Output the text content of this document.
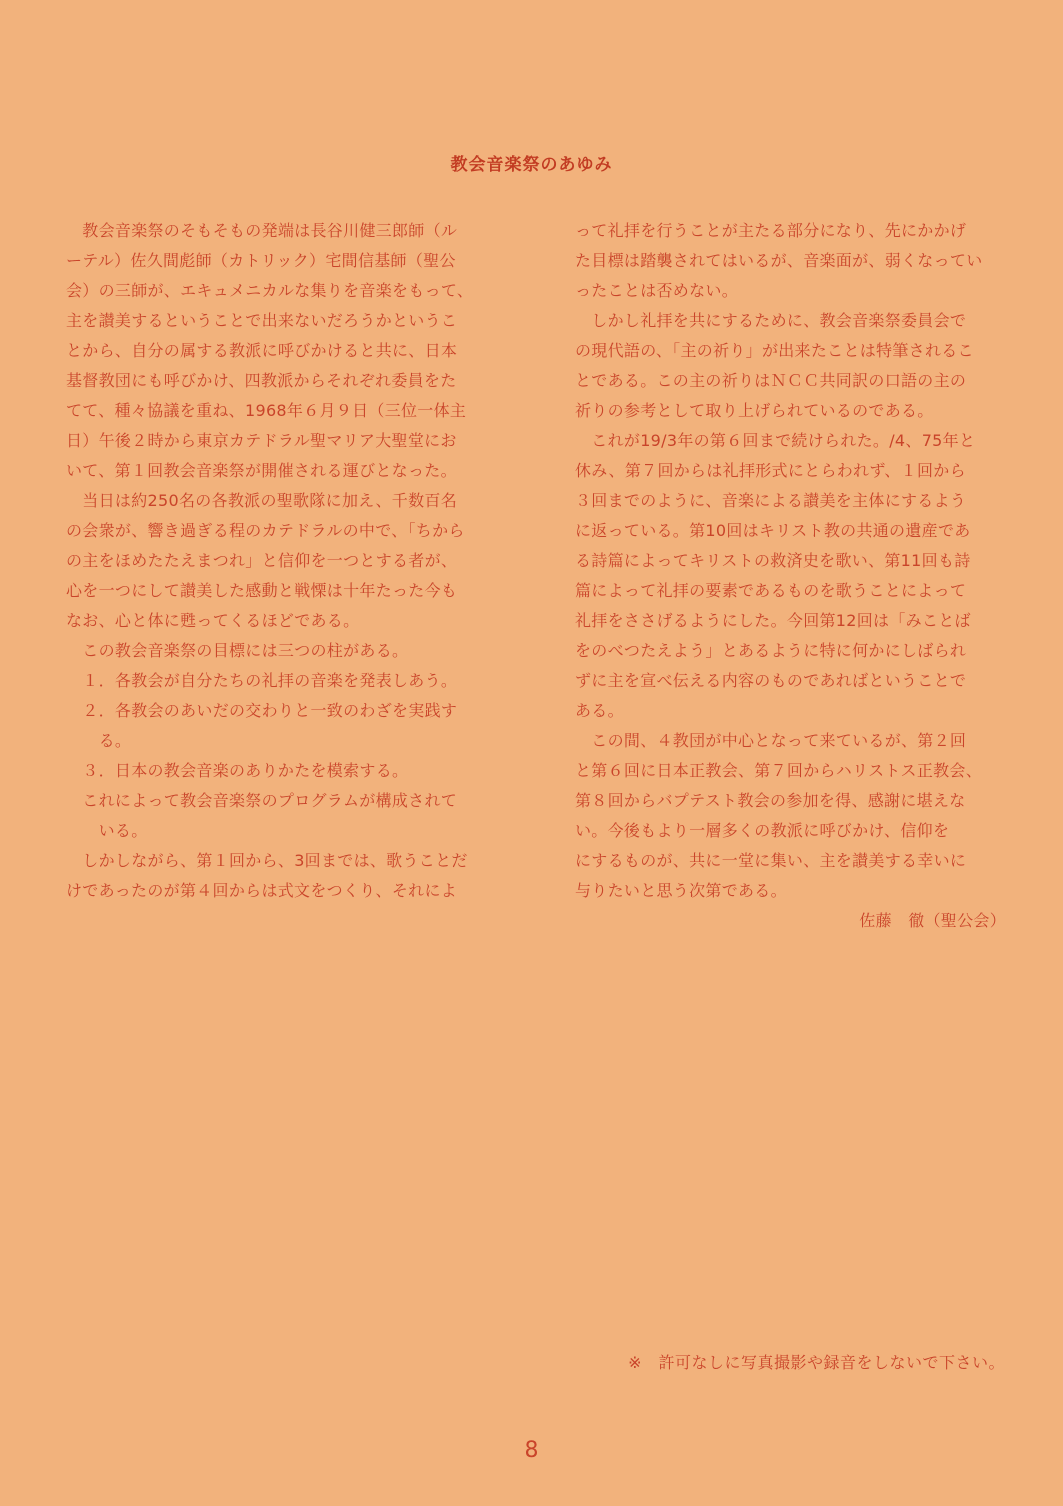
教会音楽祭のあゆみ
　教会音楽祭のそもそもの発端は長谷川健三郎師（ル
ーテル）佐久間彪師（カトリック）宅間信基師（聖公
会）の三師が、エキュメニカルな集りを音楽をもって、
主を讃美するということで出来ないだろうかというこ
とから、自分の属する教派に呼びかけると共に、日本
基督教団にも呼びかけ、四教派からそれぞれ委員をた
てて、種々協議を重ね、1968年６月９日（三位一体主
日）午後２時から東京カテドラル聖マリア大聖堂にお
いて、第１回教会音楽祭が開催される運びとなった。
　当日は約250名の各教派の聖歌隊に加え、千数百名
の会衆が、響き過ぎる程のカテドラルの中で、「ちから
の主をほめたたえまつれ」と信仰を一つとする者が、
心を一つにして讃美した感動と戦慄は十年たった今も
なお、心と体に甦ってくるほどである。
　この教会音楽祭の目標には三つの柱がある。
　１．各教会が自分たちの礼拝の音楽を発表しあう。
　２．各教会のあいだの交わりと一致のわざを実践す
　　る。
　３．日本の教会音楽のありかたを模索する。
　これによって教会音楽祭のプログラムが構成されて
　　いる。
　しかしながら、第１回から、3回までは、歌うことだ
けであったのが第４回からは式文をつくり、それによ
って礼拝を行うことが主たる部分になり、先にかかげ
た目標は踏襲されてはいるが、音楽面が、弱くなってい
ったことは否めない。
　しかし礼拝を共にするために、教会音楽祭委員会で
の現代語の、「主の祈り」が出来たことは特筆されるこ
とである。この主の祈りはＮＣＣ共同訳の口語の主の
祈りの参考として取り上げられているのである。
　これが19/3年の第６回まで続けられた。/4、75年と
休み、第７回からは礼拝形式にとらわれず、１回から
３回までのように、音楽による讃美を主体にするよう
に返っている。第10回はキリスト教の共通の遺産であ
る詩篇によってキリストの救済史を歌い、第11回も詩
篇によって礼拝の要素であるものを歌うことによって
礼拝をささげるようにした。今回第12回は「みことば
をのべつたえよう」とあるように特に何かにしばられ
ずに主を宣べ伝える内容のものであればということで
ある。
　この間、４教団が中心となって来ているが、第２回
と第６回に日本正教会、第７回からハリストス正教会、
第８回からバプテスト教会の参加を得、感謝に堪えな
い。今後もより一層多くの教派に呼びかけ、信仰を
にするものが、共に一堂に集い、主を讃美する幸いに
与りたいと思う次第である。
佐藤　徹（聖公会）
※　許可なしに写真撮影や録音をしないで下さい。
8
